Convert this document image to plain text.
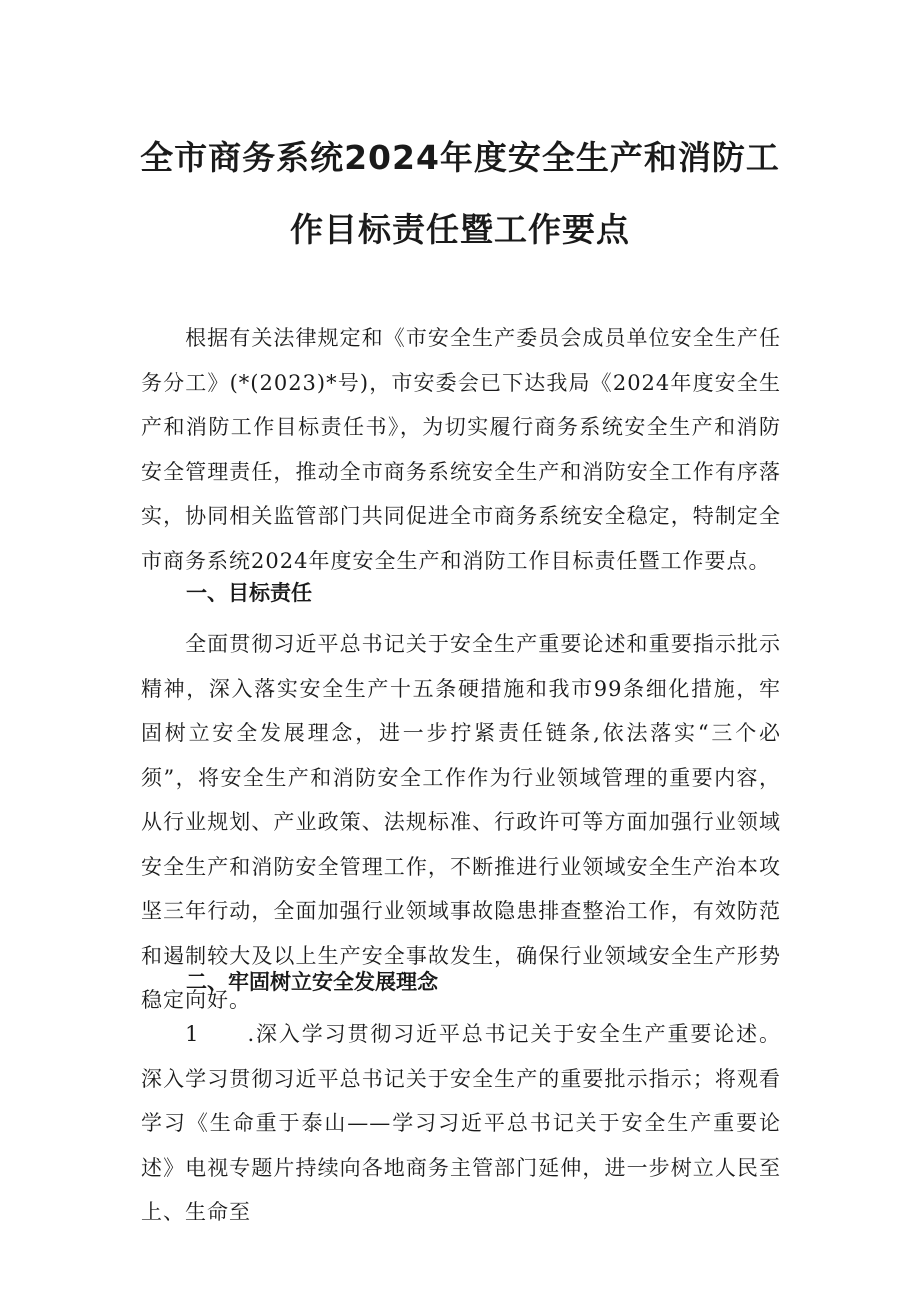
全市商务系统2024年度安全生产和消防工
作目标责任暨工作要点

根据有关法律规定和《市安全生产委员会成员单位安全生产任务分工》(*(2023)*号)，市安委会已下达我局《2024年度安全生产和消防工作目标责任书》，为切实履行商务系统安全生产和消防安全管理责任，推动全市商务系统安全生产和消防安全工作有序落实，协同相关监管部门共同促进全市商务系统安全稳定，特制定全市商务系统2024年度安全生产和消防工作目标责任暨工作要点。

一、目标责任

全面贯彻习近平总书记关于安全生产重要论述和重要指示批示精神，深入落实安全生产十五条硬措施和我市99条细化措施，牢固树立安全发展理念，进一步拧紧责任链条,依法落实“三个必须”，将安全生产和消防安全工作作为行业领域管理的重要内容，从行业规划、产业政策、法规标准、行政许可等方面加强行业领域安全生产和消防安全管理工作，不断推进行业领域安全生产治本攻坚三年行动，全面加强行业领域事故隐患排查整治工作，有效防范和遏制较大及以上生产安全事故发生，确保行业领域安全生产形势稳定向好。

二、牢固树立安全发展理念

1 .深入学习贯彻习近平总书记关于安全生产重要论述。深入学习贯彻习近平总书记关于安全生产的重要批示指示；将观看学习《生命重于泰山——学习习近平总书记关于安全生产重要论述》电视专题片持续向各地商务主管部门延伸，进一步树立人民至上、生命至
